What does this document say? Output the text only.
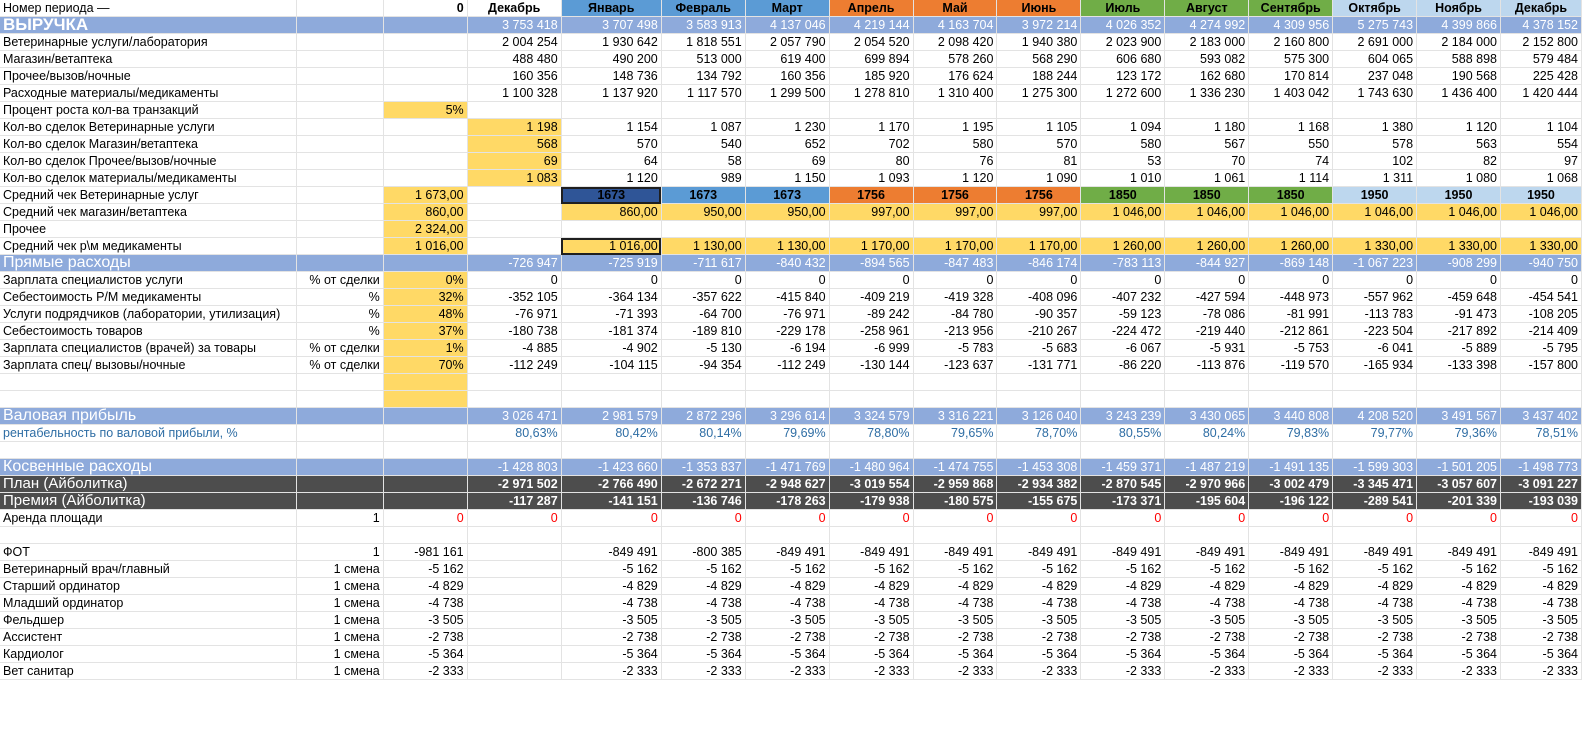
Номер периода —		0	Декабрь	Январь	Февраль	Март	Апрель	Май	Июнь	Июль	Август	Сентябрь	Октябрь	Ноябрь	Декабрь
ВЫРУЧКА			3 753 418	3 707 498	3 583 913	4 137 046	4 219 144	4 163 704	3 972 214	4 026 352	4 274 992	4 309 956	5 275 743	4 399 866	4 378 152
Ветеринарные услуги/лаборатория			2 004 254	1 930 642	1 818 551	2 057 790	2 054 520	2 098 420	1 940 380	2 023 900	2 183 000	2 160 800	2 691 000	2 184 000	2 152 800
Магазин/ветаптека			488 480	490 200	513 000	619 400	699 894	578 260	568 290	606 680	593 082	575 300	604 065	588 898	579 484
Прочее/вызов/ночные			160 356	148 736	134 792	160 356	185 920	176 624	188 244	123 172	162 680	170 814	237 048	190 568	225 428
Расходные материалы/медикаменты			1 100 328	1 137 920	1 117 570	1 299 500	1 278 810	1 310 400	1 275 300	1 272 600	1 336 230	1 403 042	1 743 630	1 436 400	1 420 444
Процент роста кол-ва транзакций		5%													
Кол-во сделок Ветеринарные услуги			1 198	1 154	1 087	1 230	1 170	1 195	1 105	1 094	1 180	1 168	1 380	1 120	1 104
Кол-во сделок Магазин/ветаптека			568	570	540	652	702	580	570	580	567	550	578	563	554
Кол-во сделок Прочее/вызов/ночные			69	64	58	69	80	76	81	53	70	74	102	82	97
Кол-во сделок материалы/медикаменты			1 083	1 120	989	1 150	1 093	1 120	1 090	1 010	1 061	1 114	1 311	1 080	1 068
Средний чек Ветеринарные услуг		1 673,00		1673	1673	1673	1756	1756	1756	1850	1850	1850	1950	1950	1950
Средний чек магазин/ветаптека		860,00		860,00	950,00	950,00	997,00	997,00	997,00	1 046,00	1 046,00	1 046,00	1 046,00	1 046,00	1 046,00
Прочее		2 324,00													
Средний чек р\м медикаменты		1 016,00		1 016,00	1 130,00	1 130,00	1 170,00	1 170,00	1 170,00	1 260,00	1 260,00	1 260,00	1 330,00	1 330,00	1 330,00
Прямые расходы			-726 947	-725 919	-711 617	-840 432	-894 565	-847 483	-846 174	-783 113	-844 927	-869 148	-1 067 223	-908 299	-940 750
Зарплата специалистов услуги	% от сделки	0%	0	0	0	0	0	0	0	0	0	0	0	0	0
Себестоимость Р/М медикаменты	%	32%	-352 105	-364 134	-357 622	-415 840	-409 219	-419 328	-408 096	-407 232	-427 594	-448 973	-557 962	-459 648	-454 541
Услуги подрядчиков (лаборатории, утилизация)	%	48%	-76 971	-71 393	-64 700	-76 971	-89 242	-84 780	-90 357	-59 123	-78 086	-81 991	-113 783	-91 473	-108 205
Себестоимость товаров	%	37%	-180 738	-181 374	-189 810	-229 178	-258 961	-213 956	-210 267	-224 472	-219 440	-212 861	-223 504	-217 892	-214 409
Зарплата специалистов (врачей) за товары	% от сделки	1%	-4 885	-4 902	-5 130	-6 194	-6 999	-5 783	-5 683	-6 067	-5 931	-5 753	-6 041	-5 889	-5 795
Зарплата спец/ вызовы/ночные	% от сделки	70%	-112 249	-104 115	-94 354	-112 249	-130 144	-123 637	-131 771	-86 220	-113 876	-119 570	-165 934	-133 398	-157 800

Валовая прибыль			3 026 471	2 981 579	2 872 296	3 296 614	3 324 579	3 316 221	3 126 040	3 243 239	3 430 065	3 440 808	4 208 520	3 491 567	3 437 402
рентабельность по валовой прибыли, %			80,63%	80,42%	80,14%	79,69%	78,80%	79,65%	78,70%	80,55%	80,24%	79,83%	79,77%	79,36%	78,51%

Косвенные расходы			-1 428 803	-1 423 660	-1 353 837	-1 471 769	-1 480 964	-1 474 755	-1 453 308	-1 459 371	-1 487 219	-1 491 135	-1 599 303	-1 501 205	-1 498 773
План (Айболитка)			-2 971 502	-2 766 490	-2 672 271	-2 948 627	-3 019 554	-2 959 868	-2 934 382	-2 870 545	-2 970 966	-3 002 479	-3 345 471	-3 057 607	-3 091 227
Премия (Айболитка)			-117 287	-141 151	-136 746	-178 263	-179 938	-180 575	-155 675	-173 371	-195 604	-196 122	-289 541	-201 339	-193 039
Аренда площади	1	0	0	0	0	0	0	0	0	0	0	0	0	0	0

ФОТ	1	-981 161		-849 491	-800 385	-849 491	-849 491	-849 491	-849 491	-849 491	-849 491	-849 491	-849 491	-849 491	-849 491
Ветеринарный врач/главный	1 смена	-5 162		-5 162	-5 162	-5 162	-5 162	-5 162	-5 162	-5 162	-5 162	-5 162	-5 162	-5 162	-5 162
Старший ординатор	1 смена	-4 829		-4 829	-4 829	-4 829	-4 829	-4 829	-4 829	-4 829	-4 829	-4 829	-4 829	-4 829	-4 829
Младший ординатор	1 смена	-4 738		-4 738	-4 738	-4 738	-4 738	-4 738	-4 738	-4 738	-4 738	-4 738	-4 738	-4 738	-4 738
Фельдшер	1 смена	-3 505		-3 505	-3 505	-3 505	-3 505	-3 505	-3 505	-3 505	-3 505	-3 505	-3 505	-3 505	-3 505
Ассистент	1 смена	-2 738		-2 738	-2 738	-2 738	-2 738	-2 738	-2 738	-2 738	-2 738	-2 738	-2 738	-2 738	-2 738
Кардиолог	1 смена	-5 364		-5 364	-5 364	-5 364	-5 364	-5 364	-5 364	-5 364	-5 364	-5 364	-5 364	-5 364	-5 364
Вет санитар	1 смена	-2 333		-2 333	-2 333	-2 333	-2 333	-2 333	-2 333	-2 333	-2 333	-2 333	-2 333	-2 333	-2 333
